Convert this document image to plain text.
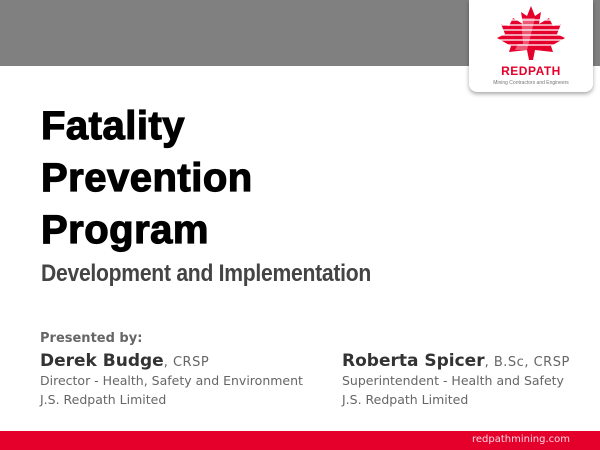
REDPATH
Mining Contractors and Engineers
Fatality
Prevention
Program
Development and Implementation
Presented by:
Derek Budge, CRSP
Director - Health, Safety and Environment
J.S. Redpath Limited
Roberta Spicer, B.Sc, CRSP
Superintendent - Health and Safety
J.S. Redpath Limited
redpathmining.com
